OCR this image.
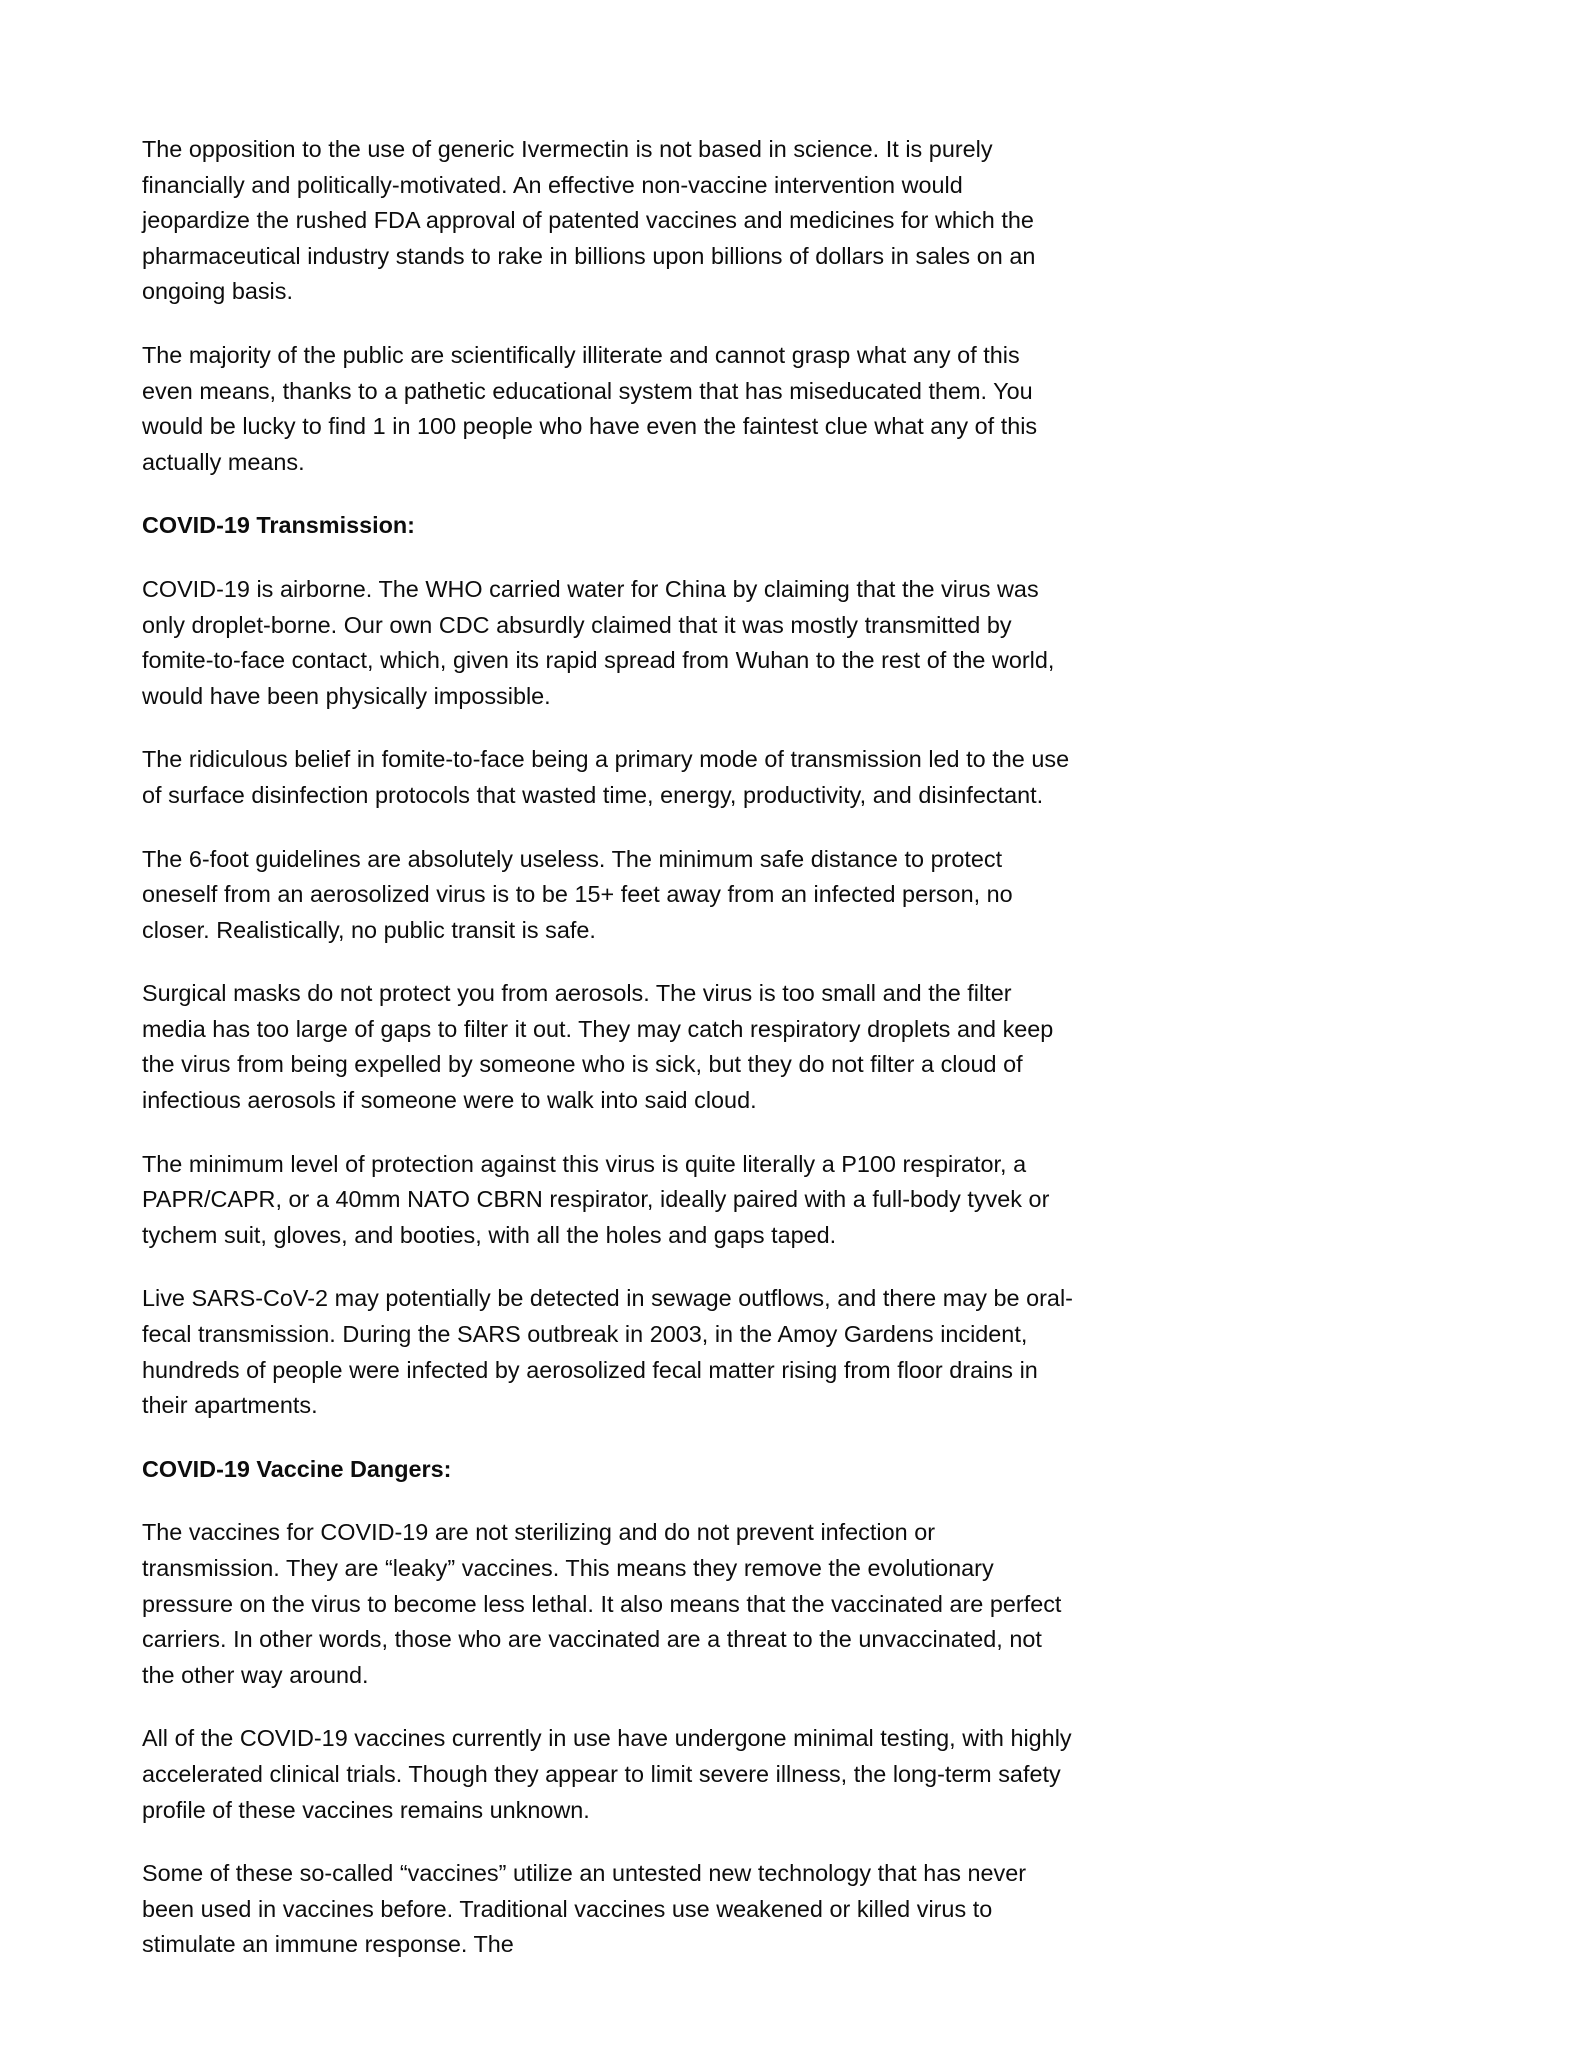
The opposition to the use of generic Ivermectin is not based in science. It is purely financially and politically-motivated. An effective non-vaccine intervention would jeopardize the rushed FDA approval of patented vaccines and medicines for which the pharmaceutical industry stands to rake in billions upon billions of dollars in sales on an ongoing basis.

The majority of the public are scientifically illiterate and cannot grasp what any of this even means, thanks to a pathetic educational system that has miseducated them. You would be lucky to find 1 in 100 people who have even the faintest clue what any of this actually means.

COVID-19 Transmission:

COVID-19 is airborne. The WHO carried water for China by claiming that the virus was only droplet-borne. Our own CDC absurdly claimed that it was mostly transmitted by fomite-to-face contact, which, given its rapid spread from Wuhan to the rest of the world, would have been physically impossible.

The ridiculous belief in fomite-to-face being a primary mode of transmission led to the use of surface disinfection protocols that wasted time, energy, productivity, and disinfectant.

The 6-foot guidelines are absolutely useless. The minimum safe distance to protect oneself from an aerosolized virus is to be 15+ feet away from an infected person, no closer. Realistically, no public transit is safe.

Surgical masks do not protect you from aerosols. The virus is too small and the filter media has too large of gaps to filter it out. They may catch respiratory droplets and keep the virus from being expelled by someone who is sick, but they do not filter a cloud of infectious aerosols if someone were to walk into said cloud.

The minimum level of protection against this virus is quite literally a P100 respirator, a PAPR/CAPR, or a 40mm NATO CBRN respirator, ideally paired with a full-body tyvek or tychem suit, gloves, and booties, with all the holes and gaps taped.

Live SARS-CoV-2 may potentially be detected in sewage outflows, and there may be oral-fecal transmission. During the SARS outbreak in 2003, in the Amoy Gardens incident, hundreds of people were infected by aerosolized fecal matter rising from floor drains in their apartments.

COVID-19 Vaccine Dangers:

The vaccines for COVID-19 are not sterilizing and do not prevent infection or transmission. They are “leaky” vaccines. This means they remove the evolutionary pressure on the virus to become less lethal. It also means that the vaccinated are perfect carriers. In other words, those who are vaccinated are a threat to the unvaccinated, not the other way around.

All of the COVID-19 vaccines currently in use have undergone minimal testing, with highly accelerated clinical trials. Though they appear to limit severe illness, the long-term safety profile of these vaccines remains unknown.

Some of these so-called “vaccines” utilize an untested new technology that has never been used in vaccines before. Traditional vaccines use weakened or killed virus to stimulate an immune response. The
